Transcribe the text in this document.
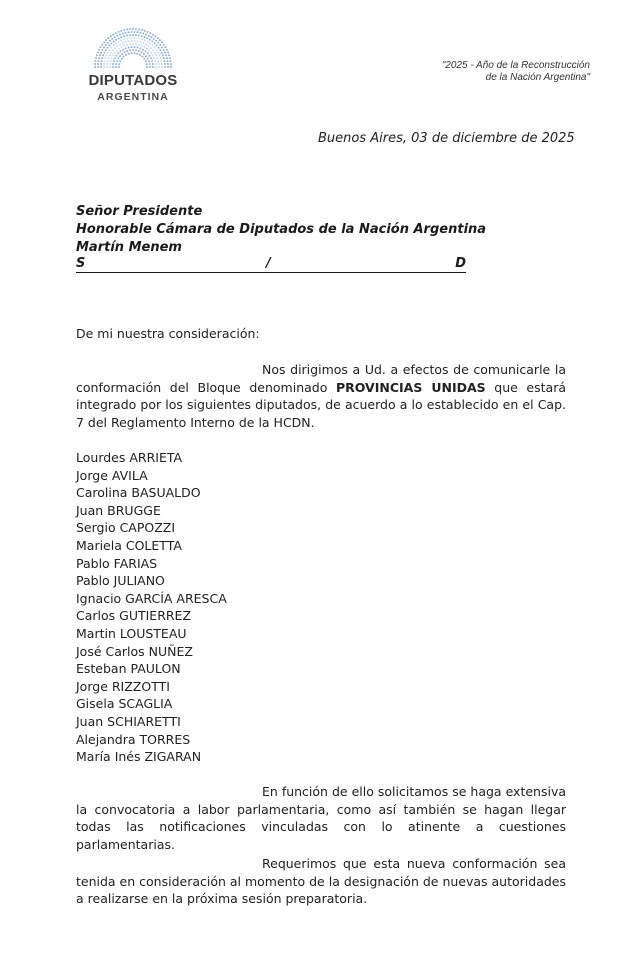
DIPUTADOS
ARGENTINA
"2025 - Año de la Reconstrucción
de la Nación Argentina"
Buenos Aires, 03 de diciembre de 2025
Señor Presidente
Honorable Cámara de Diputados de la Nación Argentina
Martín Menem
S	/	D
De mi nuestra consideración:
Nos dirigimos a Ud. a efectos de comunicarle la conformación del Bloque denominado PROVINCIAS UNIDAS que estará integrado por los siguientes diputados, de acuerdo a lo establecido en el Cap. 7 del Reglamento Interno de la HCDN.
Lourdes ARRIETA
Jorge AVILA
Carolina BASUALDO
Juan BRUGGE
Sergio CAPOZZI
Mariela COLETTA
Pablo FARIAS
Pablo JULIANO
Ignacio GARCÍA ARESCA
Carlos GUTIERREZ
Martin LOUSTEAU
José Carlos NUÑEZ
Esteban PAULON
Jorge RIZZOTTI
Gisela SCAGLIA
Juan SCHIARETTI
Alejandra TORRES
María Inés ZIGARAN
En función de ello solicitamos se haga extensiva la convocatoria a labor parlamentaria, como así también se hagan llegar todas las notificaciones vinculadas con lo atinente a cuestiones parlamentarias.
Requerimos que esta nueva conformación sea tenida en consideración al momento de la designación de nuevas autoridades a realizarse en la próxima sesión preparatoria.
